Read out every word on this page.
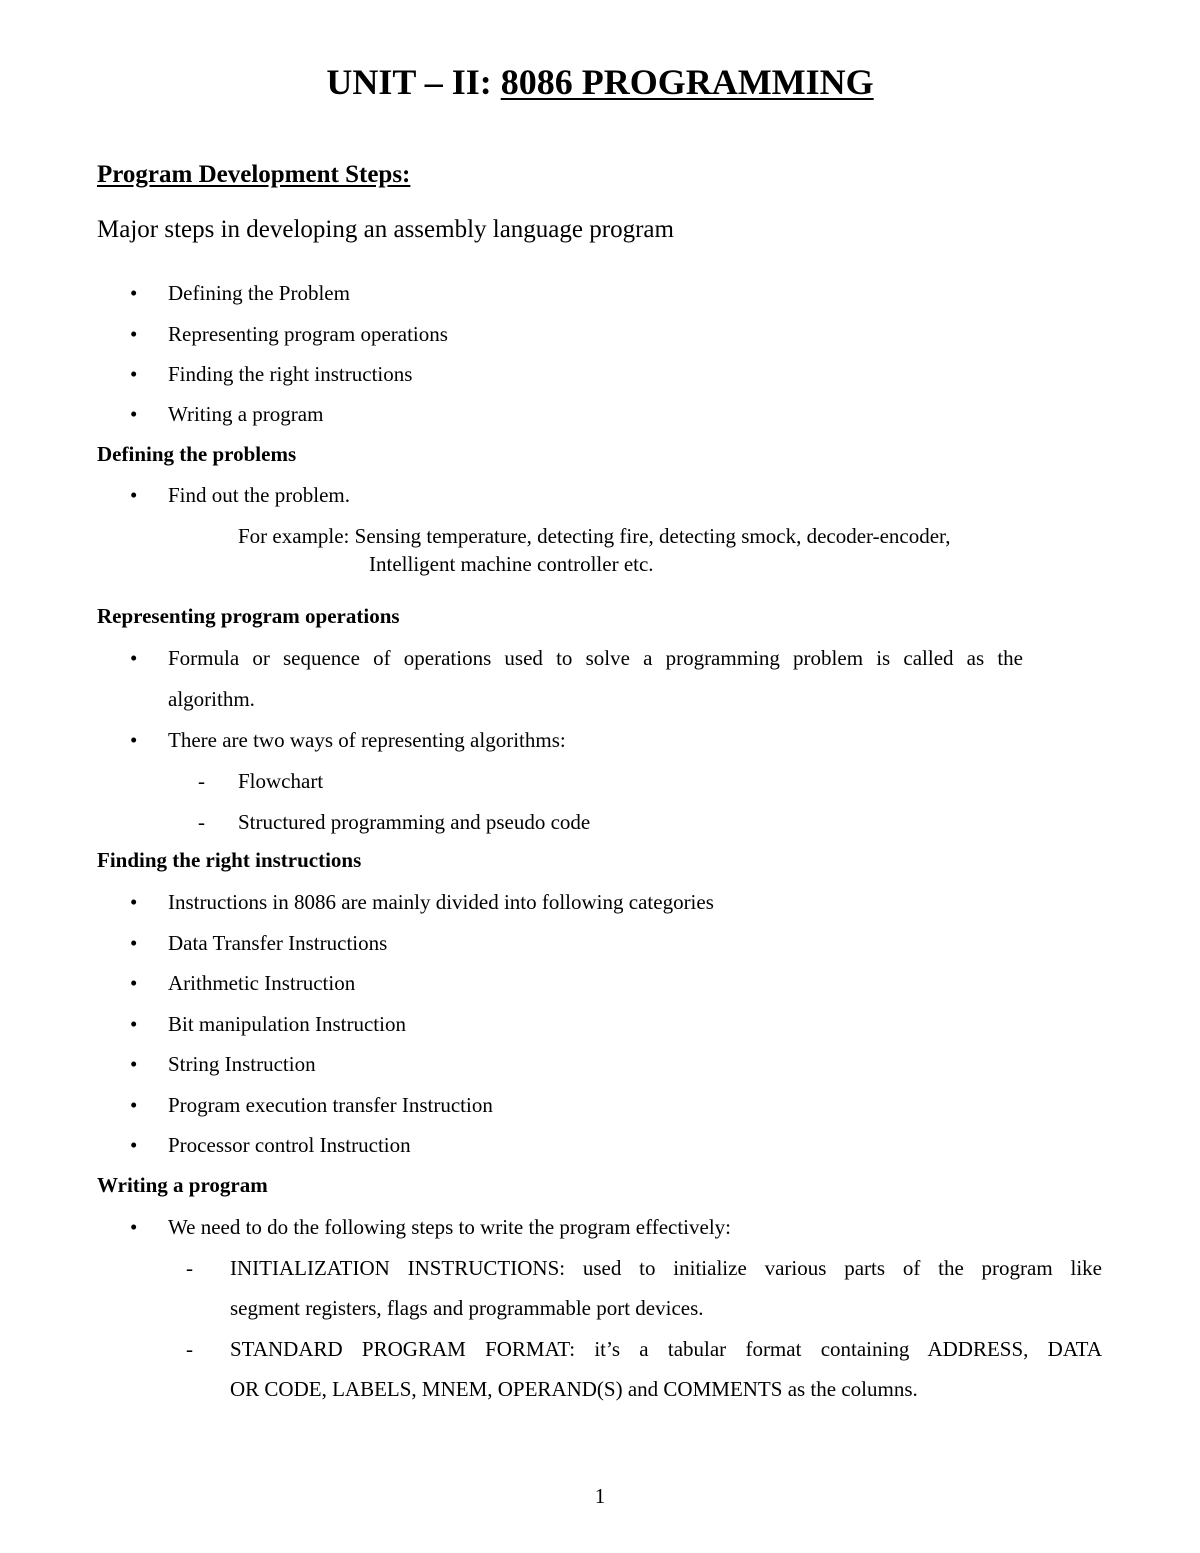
UNIT – II: 8086 PROGRAMMING
Program Development Steps:
Major steps in developing an assembly language program
• Defining the Problem
• Representing program operations
• Finding the right instructions
• Writing a program
Defining the problems
• Find out the problem.
For example: Sensing temperature, detecting fire, detecting smock, decoder-encoder,
Intelligent machine controller etc.
Representing program operations
• Formula or sequence of operations used to solve a programming problem is called as the
algorithm.
• There are two ways of representing algorithms:
- Flowchart
- Structured programming and pseudo code
Finding the right instructions
• Instructions in 8086 are mainly divided into following categories
• Data Transfer Instructions
• Arithmetic Instruction
• Bit manipulation Instruction
• String Instruction
• Program execution transfer Instruction
• Processor control Instruction
Writing a program
• We need to do the following steps to write the program effectively:
- INITIALIZATION INSTRUCTIONS: used to initialize various parts of the program like
segment registers, flags and programmable port devices.
- STANDARD PROGRAM FORMAT: it’s a tabular format containing ADDRESS, DATA
OR CODE, LABELS, MNEM, OPERAND(S) and COMMENTS as the columns.
1
